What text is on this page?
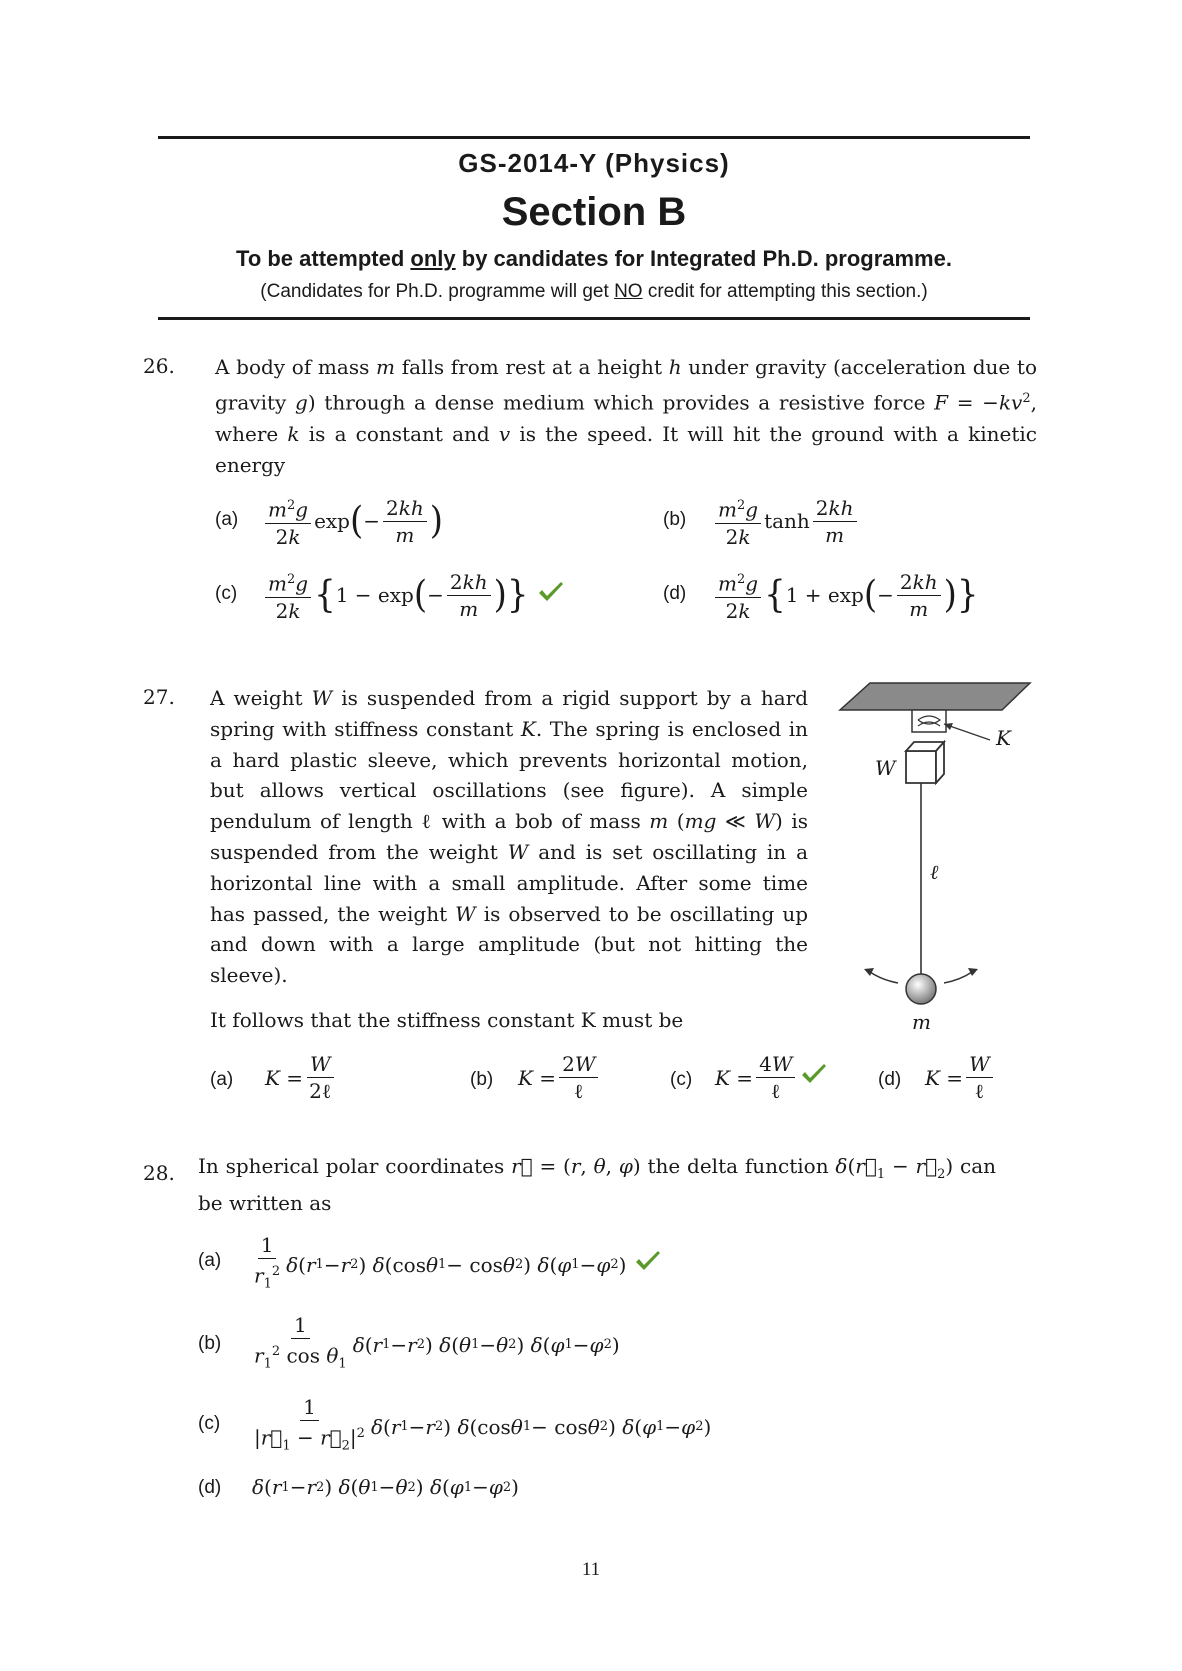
GS-2014-Y (Physics)
Section B
To be attempted only by candidates for Integrated Ph.D. programme.
(Candidates for Ph.D. programme will get NO credit for attempting this section.)
26. A body of mass m falls from rest at a height h under gravity (acceleration due to gravity g) through a dense medium which provides a resistive force $F = -kv^2$, where k is a constant and v is the speed. It will hit the ground with a kinetic energy
$(a) \frac{m^2g}{2k}$ exp ( − $\frac{2kh}{m}$ )	$(b) \frac{m^2g}{2k}$ $\tanh \frac{2kh}{m}$
$(c) \frac{m^2g}{2k}$ { 1 − exp ( − $\frac{2kh}{m}$ )}	$(d) \frac{m^2g}{2k}$ { 1 + exp ( − $\frac{2kh}{m}$ )}
27. A weight W is suspended from a rigid support by a hard spring with stiffness constant K. The spring is enclosed in a hard plastic sleeve, which prevents horizontal motion, but allows vertical oscillations (see figure). A simple pendulum of length ℓ with a bob of mass m (mg ≪ W) is suspended from the weight W and is set oscillating in a horizontal line with a small amplitude. After some time has passed, the weight W is observed to be oscillating up and down with a large amplitude (but not hitting the sleeve).
It follows that the stiffness constant K must be
K
W
ℓ
m
(a) $K = \frac{W}{\text{2ℓ}}$	(b) $K = \frac{2W}{\text{ℓ}}$	(c) $K = \frac{4W}{\text{ℓ}}$	(d) $K = \frac{W}{\text{ℓ}}$
28. In spherical polar coordinates r⃗ = (r, θ, φ) the delta function $\delta(r⃗_1$ − $r⃗_2$) can be written as
$(a) \frac{1}{r_1^2}$ δ ( r 1 − r 2 ) δ (cos θ 1 − cos θ 2 ) δ ( φ 1 − φ 2 )
$(b) \frac{1}{r_1^2 \cos \theta_1}$ δ ( r 1 − r 2 ) δ ( θ 1 − θ 2 ) δ ( φ 1 − φ 2 )
$(c) \frac{1}{|r⃗_1 - r⃗_2|^2}$ δ ( r 1 − r 2 ) δ (cos θ 1 − cos θ 2 ) δ ( φ 1 − φ 2 )
(d) δ ( r 1 − r 2 ) δ ( θ 1 − θ 2 ) δ ( φ 1 − φ 2 )
11
